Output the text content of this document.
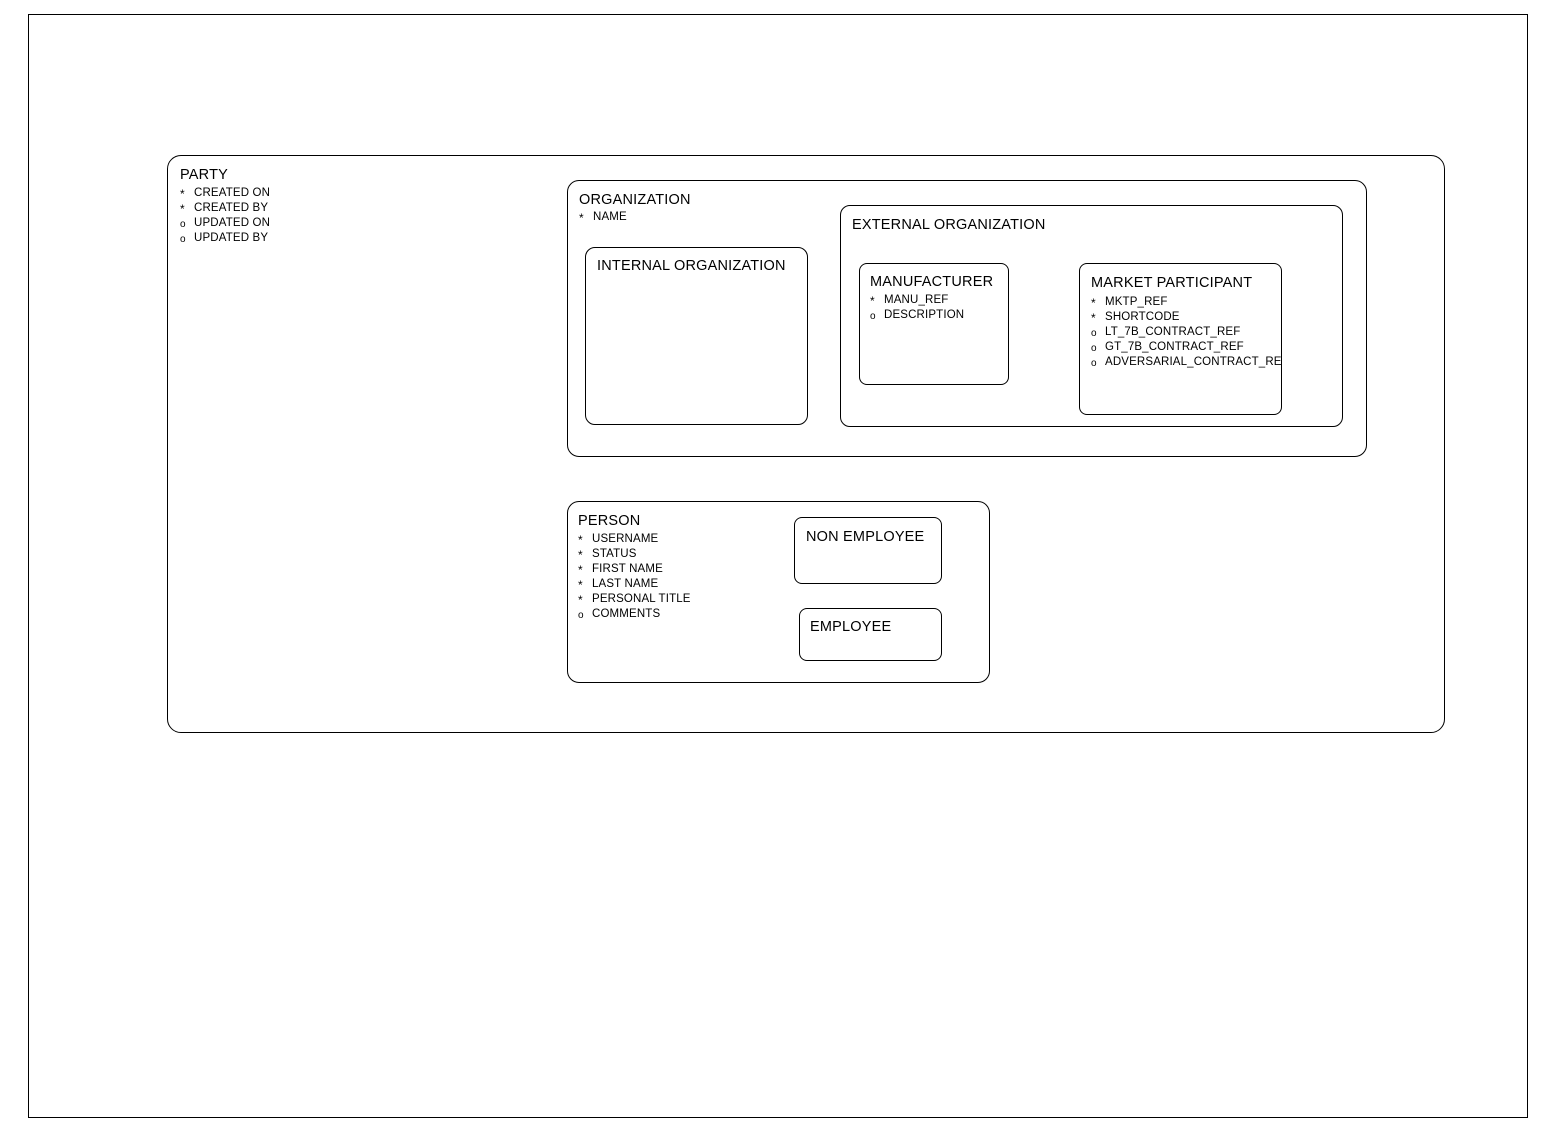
PARTY
* CREATED ON
* CREATED BY
o UPDATED ON
o UPDATED BY
ORGANIZATION
* NAME
INTERNAL ORGANIZATION
EXTERNAL ORGANIZATION
MANUFACTURER
* MANU_REF
o DESCRIPTION
MARKET PARTICIPANT
* MKTP_REF
* SHORTCODE
o LT_7B_CONTRACT_REF
o GT_7B_CONTRACT_REF
o ADVERSARIAL_CONTRACT_RE
PERSON
* USERNAME
* STATUS
* FIRST NAME
* LAST NAME
* PERSONAL TITLE
o COMMENTS
NON EMPLOYEE
EMPLOYEE
